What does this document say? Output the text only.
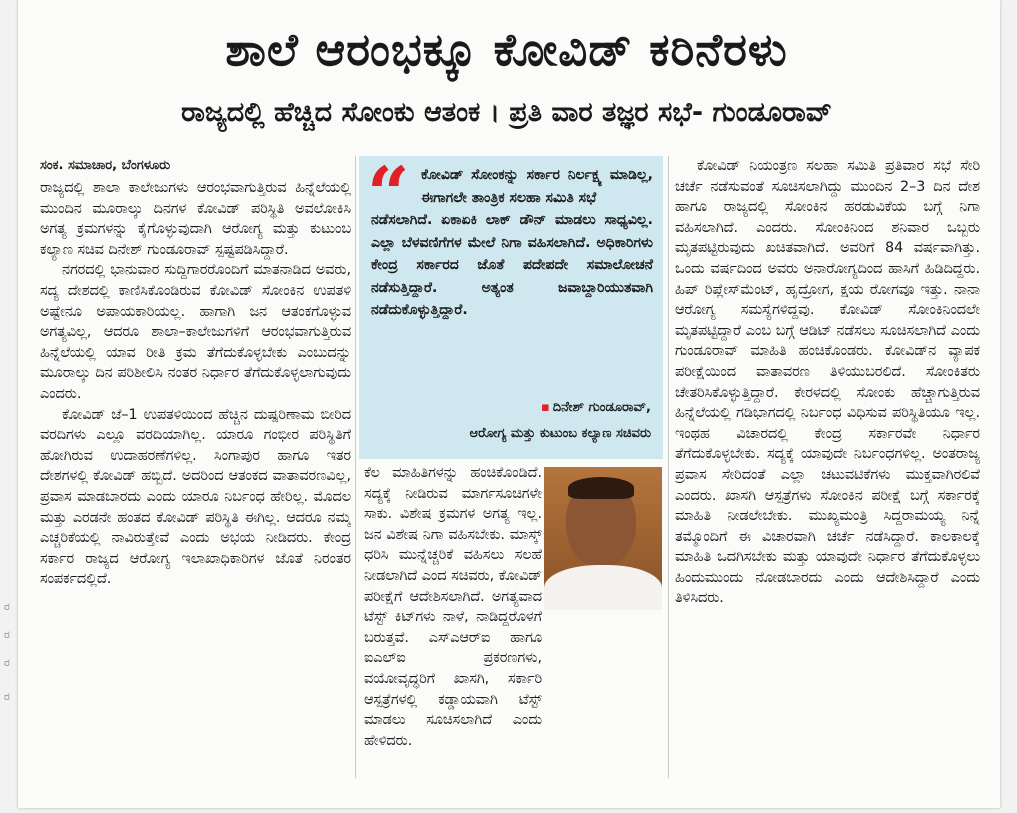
ರ
ರ
ರ
ರ
ಶಾಲೆ ಆರಂಭಕ್ಕೂ ಕೋವಿಡ್ ಕರಿನೆರಳು
ರಾಜ್ಯದಲ್ಲಿ ಹೆಚ್ಚಿದ ಸೋಂಕು ಆತಂಕ । ಪ್ರತಿ ವಾರ ತಜ್ಞರ ಸಭೆ- ಗುಂಡೂರಾವ್
ಸಂಕ. ಸಮಾಚಾರ, ಬೆಂಗಳೂರು

ರಾಜ್ಯದಲ್ಲಿ ಶಾಲಾ ಕಾಲೇಜುಗಳು ಆರಂಭವಾಗುತ್ತಿರುವ ಹಿನ್ನೆಲೆಯಲ್ಲಿ ಮುಂದಿನ ಮೂರಾಲ್ಕು ದಿನಗಳ ಕೋವಿಡ್ ಪರಿಸ್ಥಿತಿ ಅವಲೋಕಿಸಿ ಅಗತ್ಯ ಕ್ರಮಗಳನ್ನು ಕೈಗೊಳ್ಳುವುದಾಗಿ ಆರೋಗ್ಯ ಮತ್ತು ಕುಟುಂಬ ಕಲ್ಯಾಣ ಸಚಿವ ದಿನೇಶ್ ಗುಂಡೂರಾವ್ ಸ್ಪಷ್ಟಪಡಿಸಿದ್ದಾರೆ.

ನಗರದಲ್ಲಿ ಭಾನುವಾರ ಸುದ್ದಿಗಾರರೊಂದಿಗೆ ಮಾತನಾಡಿದ ಅವರು, ಸದ್ಯ ದೇಶದಲ್ಲಿ ಕಾಣಿಸಿಕೊಂಡಿರುವ ಕೋವಿಡ್ ಸೋಂಕಿನ ಉಪತಳಿ ಅಷ್ಟೇನೂ ಅಪಾಯಕಾರಿಯಲ್ಲ. ಹಾಗಾಗಿ ಜನ ಆತಂಕಗೊಳ್ಳುವ ಅಗತ್ಯವಿಲ್ಲ, ಆದರೂ ಶಾಲಾ–ಕಾಲೇಜುಗಳಿಗೆ ಆರಂಭವಾಗುತ್ತಿರುವ ಹಿನ್ನೆಲೆಯಲ್ಲಿ ಯಾವ ರೀತಿ ಕ್ರಮ ತೆಗೆದುಕೊಳ್ಳಬೇಕು ಎಂಬುದನ್ನು ಮೂರಾಲ್ಕು ದಿನ ಪರಿಶೀಲಿಸಿ ನಂತರ ನಿರ್ಧಾರ ತೆಗೆದುಕೊಳ್ಳಲಾಗುವುದು ಎಂದರು.

ಕೋವಿಡ್ ಜೆ–1 ಉಪತಳಿಯಿಂದ ಹೆಚ್ಚಿನ ದುಷ್ಪರಿಣಾಮ ಬೀರಿದ ವರದಿಗಳು ಎಲ್ಲೂ ವರದಿಯಾಗಿಲ್ಲ. ಯಾರೂ ಗಂಭೀರ ಪರಿಸ್ಥಿತಿಗೆ ಹೋಗಿರುವ ಉದಾಹರಣೆಗಳಿಲ್ಲ. ಸಿಂಗಾಪುರ ಹಾಗೂ ಇತರ ದೇಶಗಳಲ್ಲಿ ಕೋವಿಡ್ ಹಬ್ಬಿದೆ. ಅದರಿಂದ ಆತಂಕದ ವಾತಾವರಣವಿಲ್ಲ, ಪ್ರವಾಸ ಮಾಡಬಾರದು ಎಂದು ಯಾರೂ ನಿರ್ಬಂಧ ಹೇರಿಲ್ಲ. ಮೊದಲ ಮತ್ತು ಎರಡನೇ ಹಂತದ ಕೋವಿಡ್ ಪರಿಸ್ಥಿತಿ ಈಗಿಲ್ಲ. ಆದರೂ ನಮ್ಮ ಎಚ್ಚರಿಕೆಯಲ್ಲಿ ನಾವಿರುತ್ತೇವೆ ಎಂದು ಅಭಯ ನೀಡಿದರು. ಕೇಂದ್ರ ಸರ್ಕಾರ ರಾಜ್ಯದ ಆರೋಗ್ಯ ಇಲಾಖಾಧಿಕಾರಿಗಳ ಜೊತೆ ನಿರಂತರ ಸಂಪರ್ಕದಲ್ಲಿದೆ.

“ ಕೋವಿಡ್ ಸೋಂಕನ್ನು ಸರ್ಕಾರ ನಿರ್ಲಕ್ಷ್ಯ ಮಾಡಿಲ್ಲ, ಈಗಾಗಲೇ ತಾಂತ್ರಿಕ ಸಲಹಾ ಸಮಿತಿ ಸಭೆ
ನಡೆಸಲಾಗಿದೆ. ಏಕಾಏಕಿ ಲಾಕ್ ಡೌನ್ ಮಾಡಲು ಸಾಧ್ಯವಿಲ್ಲ. ಎಲ್ಲಾ ಬೆಳವಣಿಗೆಗಳ ಮೇಲೆ ನಿಗಾ ವಹಿಸಲಾಗಿದೆ. ಅಧಿಕಾರಿಗಳು ಕೇಂದ್ರ ಸರ್ಕಾರದ ಜೊತೆ ಪದೇಪದೇ ಸಮಾಲೋಚನೆ ನಡೆಸುತ್ತಿದ್ದಾರೆ. ಅತ್ಯಂತ ಜವಾಬ್ದಾರಿಯುತವಾಗಿ ನಡೆದುಕೊಳ್ಳುತ್ತಿದ್ದಾರೆ.
▪ ದಿನೇಶ್ ಗುಂಡೂರಾವ್,
ಆರೋಗ್ಯ ಮತ್ತು ಕುಟುಂಬ ಕಲ್ಯಾಣ ಸಚಿವರು

ಕೆಲ ಮಾಹಿತಿಗಳನ್ನು ಹಂಚಿಕೊಂಡಿದೆ. ಸದ್ಯಕ್ಕೆ ನೀಡಿರುವ ಮಾರ್ಗಸೂಚಿಗಳೇ ಸಾಕು. ವಿಶೇಷ ಕ್ರಮಗಳ ಅಗತ್ಯ ಇಲ್ಲ. ಜನ ವಿಶೇಷ ನಿಗಾ ವಹಿಸಬೇಕು. ಮಾಸ್ಕ್ ಧರಿಸಿ ಮುನ್ನೆಚ್ಚರಿಕೆ ವಹಿಸಲು ಸಲಹೆ ನೀಡಲಾಗಿದೆ ಎಂದ ಸಚಿವರು, ಕೋವಿಡ್ ಪರೀಕ್ಷೆಗೆ ಆದೇಶಿಸಲಾಗಿದೆ. ಅಗತ್ಯವಾದ ಟೆಸ್ಟ್ ಕಿಟ್‌ಗಳು ನಾಳೆ, ನಾಡಿದ್ದರೊಳಗೆ ಬರುತ್ತವೆ. ಎಸ್‌ಎಆರ್‌ಐ ಹಾಗೂ ಐಎಲ್ಐ ಪ್ರಕರಣಗಳು, ವಯೋವೃದ್ಧರಿಗೆ ಖಾಸಗಿ, ಸರ್ಕಾರಿ ಆಸ್ಪತ್ರೆಗಳಲ್ಲಿ ಕಡ್ಡಾಯವಾಗಿ ಟೆಸ್ಟ್ ಮಾಡಲು ಸೂಚಿಸಲಾಗಿದೆ ಎಂದು ಹೇಳಿದರು.

ಕೋವಿಡ್ ನಿಯಂತ್ರಣ ಸಲಹಾ ಸಮಿತಿ ಪ್ರತಿವಾರ ಸಭೆ ಸೇರಿ ಚರ್ಚೆ ನಡೆಸುವಂತೆ ಸೂಚಿಸಲಾಗಿದ್ದು ಮುಂದಿನ 2–3 ದಿನ ದೇಶ ಹಾಗೂ ರಾಜ್ಯದಲ್ಲಿ ಸೋಂಕಿನ ಹರಡುವಿಕೆಯ ಬಗ್ಗೆ ನಿಗಾ ವಹಿಸಲಾಗಿದೆ. ಎಂದರು. ಸೋಂಕಿನಿಂದ ಶನಿವಾರ ಒಬ್ಬರು ಮೃತಪಟ್ಟಿರುವುದು ಖಚಿತವಾಗಿದೆ. ಅವರಿಗೆ 84 ವರ್ಷವಾಗಿತ್ತು. ಒಂದು ವರ್ಷದಿಂದ ಅವರು ಅನಾರೋಗ್ಯದಿಂದ ಹಾಸಿಗೆ ಹಿಡಿದಿದ್ದರು. ಹಿಪ್ ರಿಪ್ಲೇಸ್‌ಮೆಂಟ್, ಹೃದ್ರೋಗ, ಕ್ಷಯ ರೋಗವೂ ಇತ್ತು. ನಾನಾ ಆರೋಗ್ಯ ಸಮಸ್ಯೆಗಳಿದ್ದವು. ಕೋವಿಡ್ ಸೋಂಕಿನಿಂದಲೇ ಮೃತಪಟ್ಟಿದ್ದಾರೆ ಎಂಬ ಬಗ್ಗೆ ಆಡಿಟ್ ನಡೆಸಲು ಸೂಚಿಸಲಾಗಿದೆ ಎಂದು ಗುಂಡೂರಾವ್ ಮಾಹಿತಿ ಹಂಚಿಕೊಂಡರು. ಕೋವಿಡ್‌ನ ವ್ಯಾಪಕ ಪರೀಕ್ಷೆಯಿಂದ ವಾತಾವರಣ ತಿಳಿಯುಬರಲಿದೆ. ಸೋಂಕಿತರು ಚೇತರಿಸಿಕೊಳ್ಳುತ್ತಿದ್ದಾರೆ. ಕೇರಳದಲ್ಲಿ ಸೋಂಕು ಹೆಚ್ಚಾಗುತ್ತಿರುವ ಹಿನ್ನೆಲೆಯಲ್ಲಿ ಗಡಿಭಾಗದಲ್ಲಿ ನಿರ್ಬಂಧ ವಿಧಿಸುವ ಪರಿಸ್ಥಿತಿಯೂ ಇಲ್ಲ. ಇಂಥಹ ವಿಚಾರದಲ್ಲಿ ಕೇಂದ್ರ ಸರ್ಕಾರವೇ ನಿರ್ಧಾರ ತೆಗೆದುಕೊಳ್ಳಬೇಕು. ಸದ್ಯಕ್ಕೆ ಯಾವುದೇ ನಿರ್ಬಂಧಗಳಿಲ್ಲ. ಅಂತರಾಜ್ಯ ಪ್ರವಾಸ ಸೇರಿದಂತೆ ಎಲ್ಲಾ ಚಟುವಟಿಕೆಗಳು ಮುಕ್ತವಾಗಿರಲಿವೆ ಎಂದರು. ಖಾಸಗಿ ಆಸ್ಪತ್ರೆಗಳು ಸೋಂಕಿನ ಪರೀಕ್ಷೆ ಬಗ್ಗೆ ಸರ್ಕಾರಕ್ಕೆ ಮಾಹಿತಿ ನೀಡಲೇಬೇಕು. ಮುಖ್ಯಮಂತ್ರಿ ಸಿದ್ದರಾಮಯ್ಯ ನಿನ್ನೆ ತಮ್ಮೊಂದಿಗೆ ಈ ವಿಚಾರವಾಗಿ ಚರ್ಚೆ ನಡೆಸಿದ್ದಾರೆ. ಕಾಲಕಾಲಕ್ಕೆ ಮಾಹಿತಿ ಒದಗಿಸಬೇಕು ಮತ್ತು ಯಾವುದೇ ನಿರ್ಧಾರ ತೆಗೆದುಕೊಳ್ಳಲು ಹಿಂದುಮುಂದು ನೋಡಬಾರದು ಎಂದು ಆದೇಶಿಸಿದ್ದಾರೆ ಎಂದು ತಿಳಿಸಿದರು.
